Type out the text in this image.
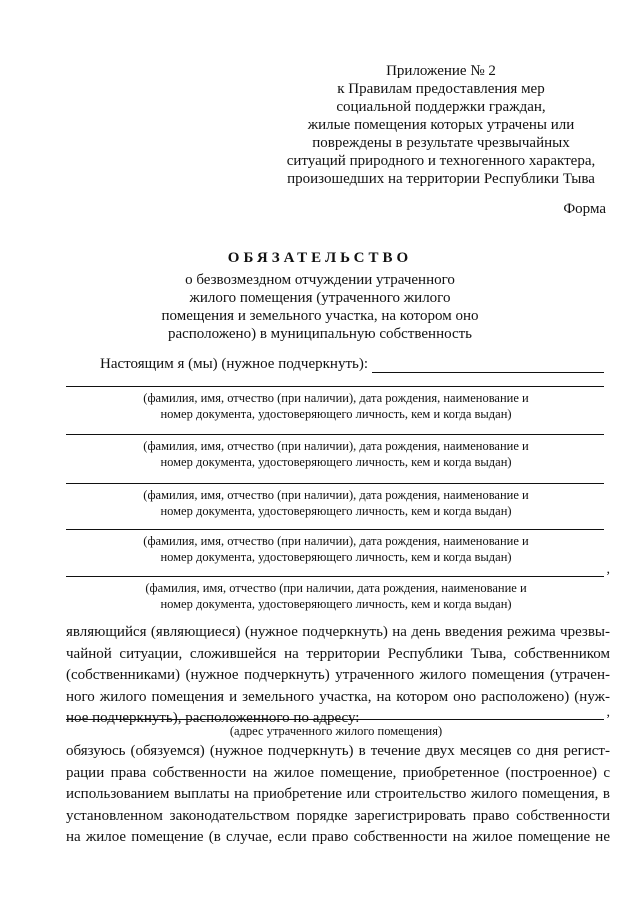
Приложение № 2
к Правилам предоставления мер
социальной поддержки граждан,
жилые помещения которых утрачены или
повреждены в результате чрезвычайных
ситуаций природного и техногенного характера,
произошедших на территории Республики Тыва
Форма
ОБЯЗАТЕЛЬСТВО
о безвозмездном отчуждении утраченного
жилого помещения (утраченного жилого
помещения и земельного участка, на котором оно
расположено) в муниципальную собственность
Настоящим я (мы) (нужное подчеркнуть):
(фамилия, имя, отчество (при наличии), дата рождения, наименование и
номер документа, удостоверяющего личность, кем и когда выдан)
(фамилия, имя, отчество (при наличии), дата рождения, наименование и
номер документа, удостоверяющего личность, кем и когда выдан)
(фамилия, имя, отчество (при наличии), дата рождения, наименование и
номер документа, удостоверяющего личность, кем и когда выдан)
(фамилия, имя, отчество (при наличии), дата рождения, наименование и
номер документа, удостоверяющего личность, кем и когда выдан)
,
(фамилия, имя, отчество (при наличии, дата рождения, наименование и
номер документа, удостоверяющего личность, кем и когда выдан)
являющийся (являющиеся) (нужное подчеркнуть) на день введения режима чрезвы-
чайной ситуации, сложившейся на территории Республики Тыва, собственником
(собственниками) (нужное подчеркнуть) утраченного жилого помещения (утрачен-
ного жилого помещения и земельного участка, на котором оно расположено) (нуж-
ное подчеркнуть), расположенного по адресу:	,
(адрес утраченного жилого помещения)
обязуюсь (обязуемся) (нужное подчеркнуть) в течение двух месяцев со дня регист-
рации права собственности на жилое помещение, приобретенное (построенное) с
использованием выплаты на приобретение или строительство жилого помещения, в
установленном законодательством порядке зарегистрировать право собственности
на жилое помещение (в случае, если право собственности на жилое помещение не
